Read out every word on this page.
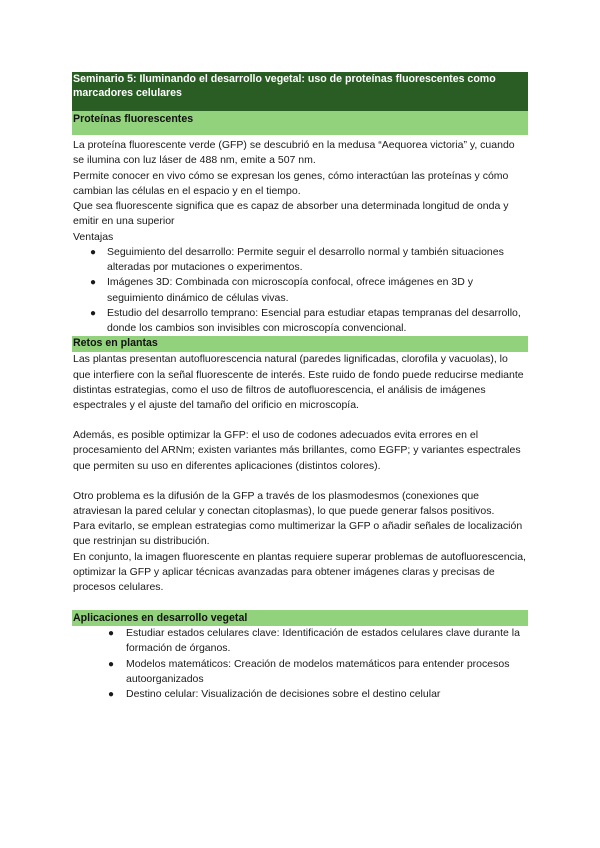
Seminario 5: Iluminando el desarrollo vegetal: uso de proteínas fluorescentes como marcadores celulares
Proteínas fluorescentes

La proteína fluorescente verde (GFP) se descubrió en la medusa “Aequorea victoria” y, cuando se ilumina con luz láser de 488 nm, emite a 507 nm.

Permite conocer en vivo cómo se expresan los genes, cómo interactúan las proteínas y cómo cambian las células en el espacio y en el tiempo.

Que sea fluorescente significa que es capaz de absorber una determinada longitud de onda y emitir en una superior

Ventajas

● Seguimiento del desarrollo: Permite seguir el desarrollo normal y también situaciones alteradas por mutaciones o experimentos.
● Imágenes 3D: Combinada con microscopía confocal, ofrece imágenes en 3D y seguimiento dinámico de células vivas.
● Estudio del desarrollo temprano: Esencial para estudiar etapas tempranas del desarrollo, donde los cambios son invisibles con microscopía convencional.
Retos en plantas

Las plantas presentan autofluorescencia natural (paredes lignificadas, clorofila y vacuolas), lo que interfiere con la señal fluorescente de interés. Este ruido de fondo puede reducirse mediante distintas estrategias, como el uso de filtros de autofluorescencia, el análisis de imágenes espectrales y el ajuste del tamaño del orificio en microscopía.

Además, es posible optimizar la GFP: el uso de codones adecuados evita errores en el procesamiento del ARNm; existen variantes más brillantes, como EGFP; y variantes espectrales que permiten su uso en diferentes aplicaciones (distintos colores).

Otro problema es la difusión de la GFP a través de los plasmodesmos (conexiones que atraviesan la pared celular y conectan citoplasmas), lo que puede generar falsos positivos.

Para evitarlo, se emplean estrategias como multimerizar la GFP o añadir señales de localización que restrinjan su distribución.

En conjunto, la imagen fluorescente en plantas requiere superar problemas de autofluorescencia, optimizar la GFP y aplicar técnicas avanzadas para obtener imágenes claras y precisas de procesos celulares.

Aplicaciones en desarrollo vegetal
● Estudiar estados celulares clave: Identificación de estados celulares clave durante la formación de órganos.
● Modelos matemáticos: Creación de modelos matemáticos para entender procesos autoorganizados
● Destino celular: Visualización de decisiones sobre el destino celular
